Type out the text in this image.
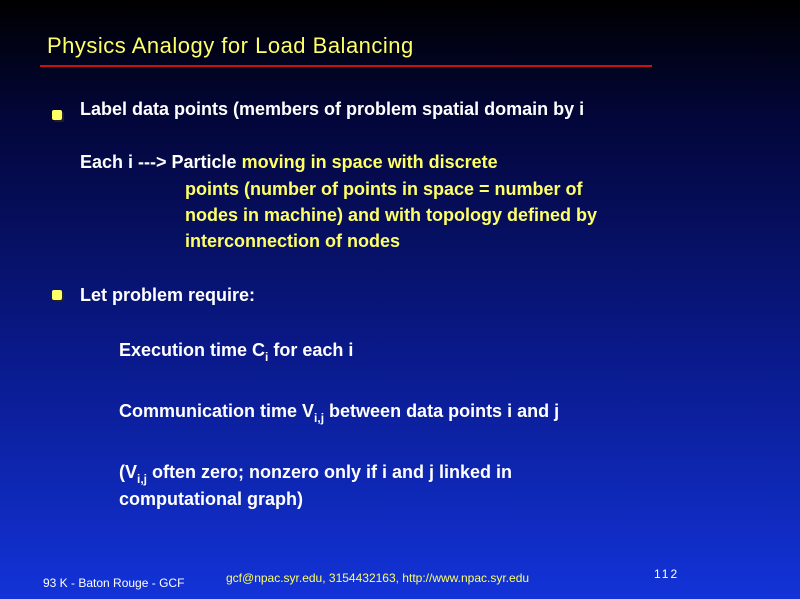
Physics Analogy for Load Balancing
Label data points (members of problem spatial domain by i
Each i ---> Particle moving in space with discrete
points (number of points in space = number of
nodes in machine) and with topology defined by
interconnection of nodes
Let problem require:
Execution time $C_i$ for each i
Communication time $V_{i,j}$ between data points i and j
($V_{i,j}$ often zero; nonzero only if i and j linked in
computational graph)
93 K - Baton Rouge - GCF	gcf@npac.syr.edu, 3154432163, http://www.npac.syr.edu	112
